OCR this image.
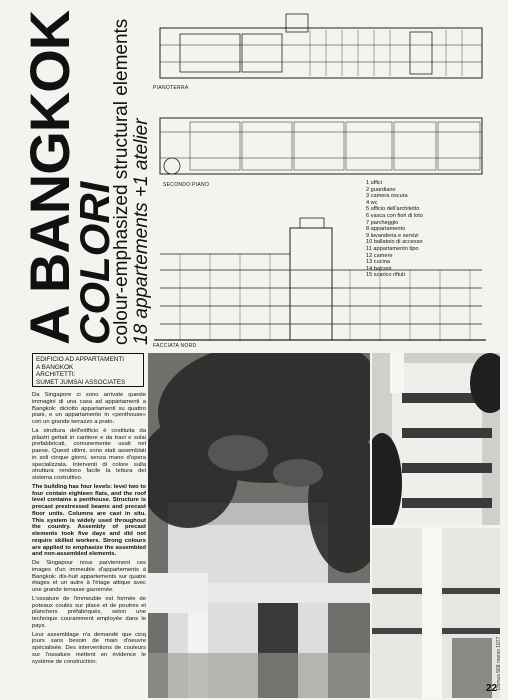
A BANGKOK
COLORI
colour-emphasized structural elements 18 appartements +1 atelier
PIANOTERRA
SECONDO PIANO
FACCIATA NORD
1 uffici
2 guardiano
3 camera oscura
4 wc
5 ufficio dell'architetto
6 vasca con fiori di loto
7 parcheggio
8 appartamento
9 lavanderia e servizi
10 ballatoio di accesso
11 appartamento tipo
12 camere
13 cucina
14 balconi
15 scarico rifiuti
EDIFICIO AD APPARTAMENTI
A BANGKOK
ARCHITETTI:
SUMET JUMSAI ASSOCIATES

Da Singapore ci sono arrivate queste immagini di una casa ad appartamenti a Bangkok: diciotto appartamenti su quattro piani, e un appartamento in «penthouse» con un grande terrazzo a prato.

La struttura dell'edificio è costituita da pilastri gettati in cantiere e da travi e solai prefabbricati, comunemente usati nel paese. Questi ultimi, sono stati assemblati in soli cinque giorni, senza mano d'opera specializzata. Interventi di colore sulla struttura rendono facile la lettura del sistema costruttivo.

The building has four levels: level two to four contain eighteen flats, and the roof level contains a penthouse. Structure is precast prestressed beams and precast floor units. Columns are cast in situ. This system is widely used throughout the country. Assembly of precast elements took five days and did not require skilled workers. Strong colours are applied to emphasize the assembled and non-assembled elements.

De Singapour nous parviennent ces images d'un immeuble d'appartements à Bangkok: dix-huit appartements sur quatre étages et un autre à l'étage attique avec une grande terrasse gazonnée.

L'ossature de l'immeuble est formée de poteaux coulés sur place et de poutres et planchers préfabriqués, selon une technique couramment employée dans le pays.

Leur assemblage n'a demandé que cinq jours sans besoin de main d'oeuvre spécialisée. Des interventions de couleurs sur l'ossature mettent en évidence le système de construction.	Domus 568 marzo 1977
22
